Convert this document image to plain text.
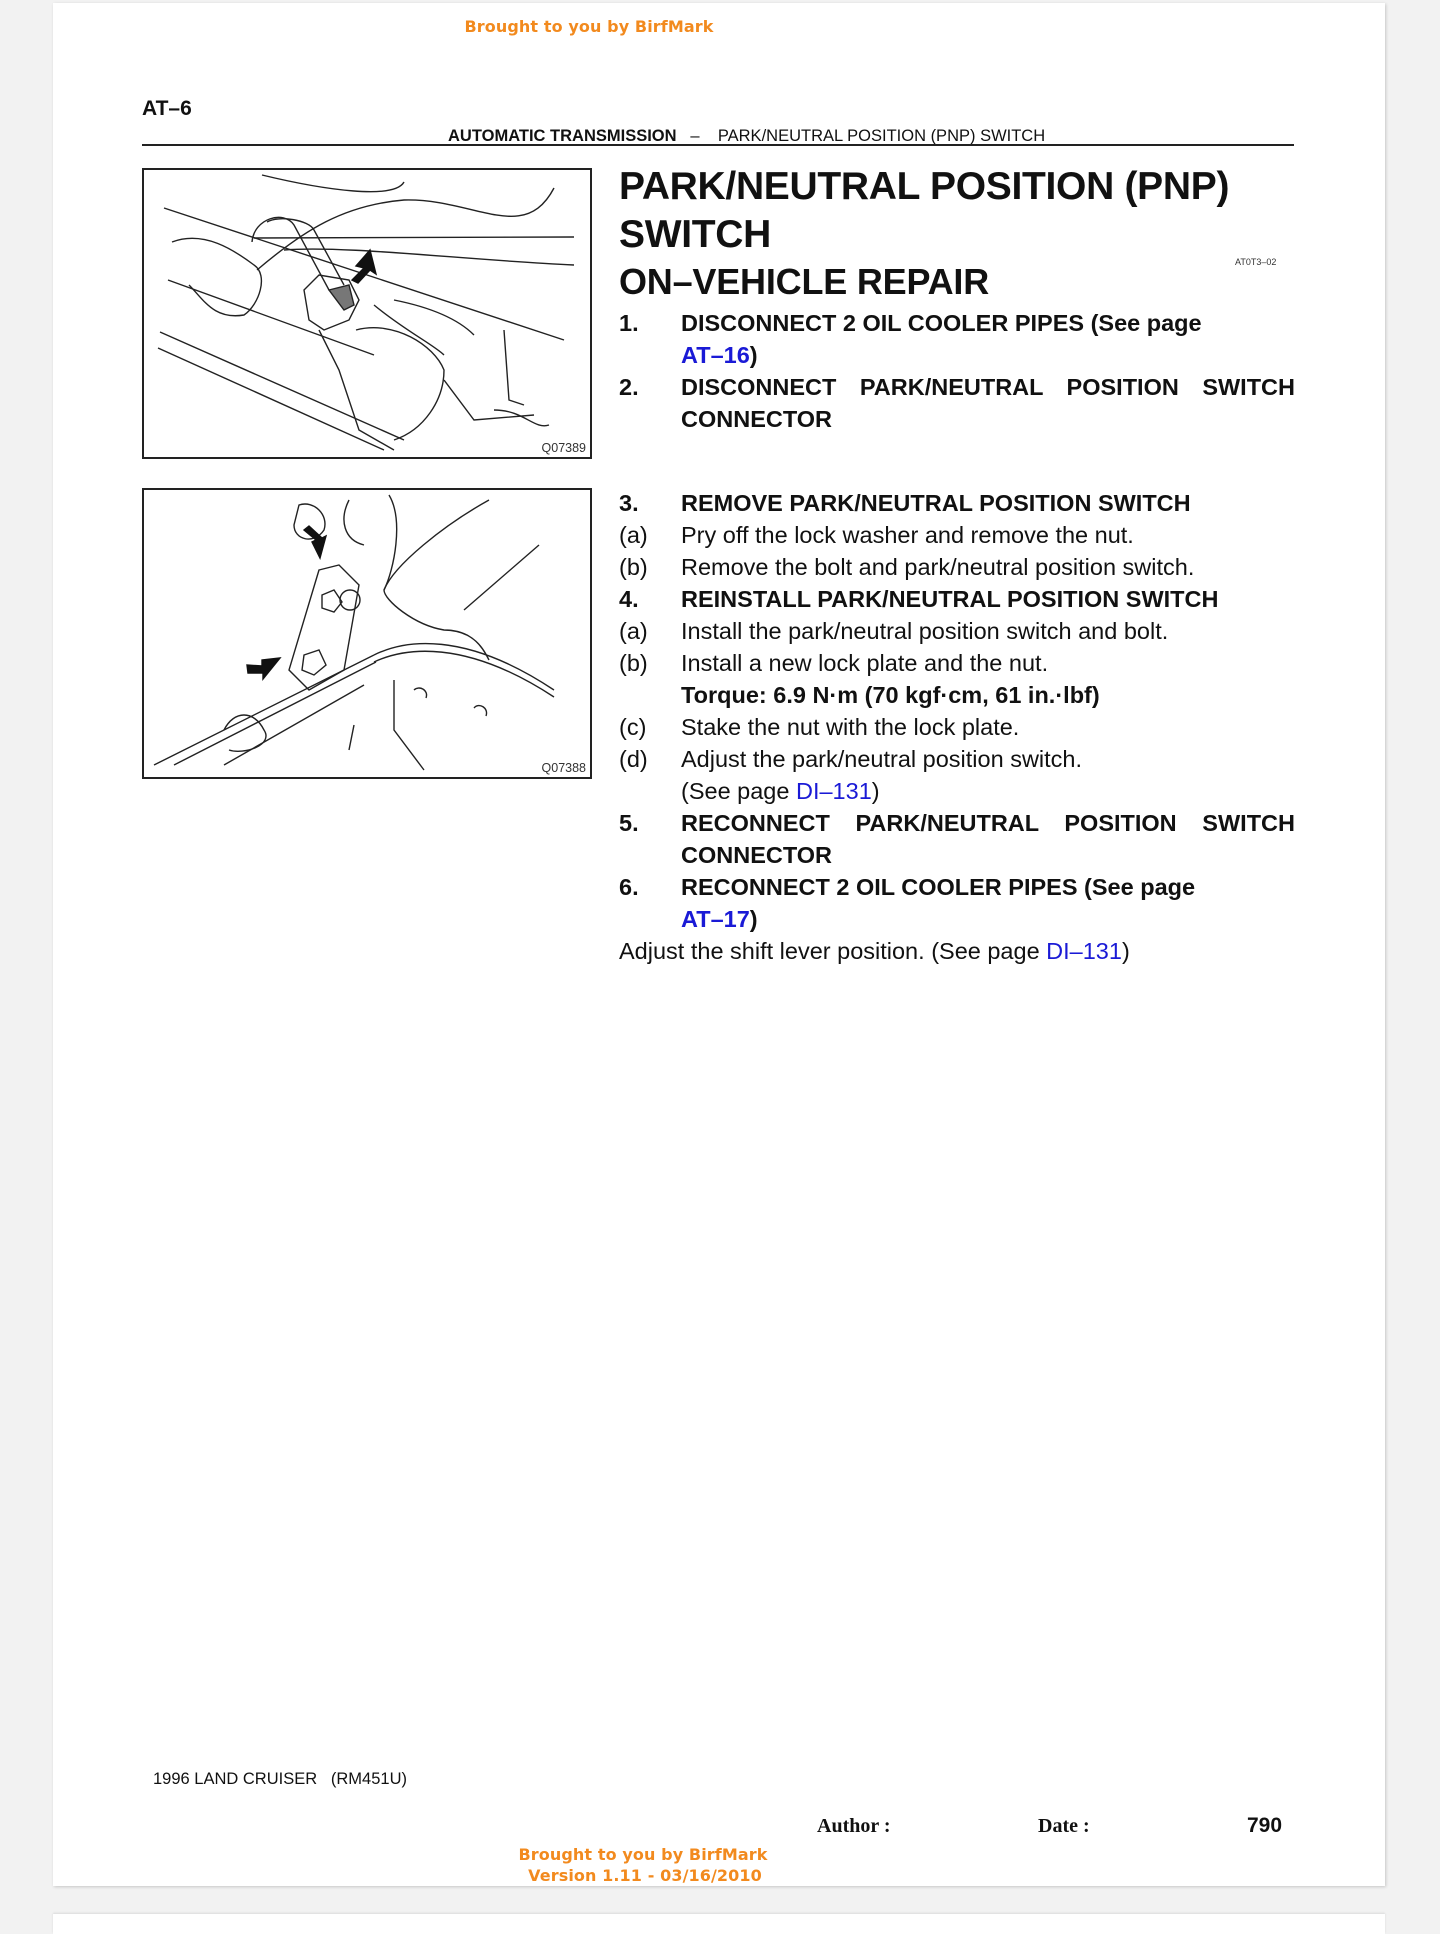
Brought to you by BirfMark
AT–6
AUTOMATIC TRANSMISSION – PARK/NEUTRAL POSITION (PNP) SWITCH
Q07389
Q07388
PARK/NEUTRAL POSITION (PNP)
SWITCH
AT0T3–02
ON–VEHICLE REPAIR
1. DISCONNECT 2 OIL COOLER PIPES (See page
AT–16)
2. DISCONNECT PARK/NEUTRAL POSITION SWITCH
CONNECTOR
3. REMOVE PARK/NEUTRAL POSITION SWITCH
(a) Pry off the lock washer and remove the nut.
(b) Remove the bolt and park/neutral position switch.
4. REINSTALL PARK/NEUTRAL POSITION SWITCH
(a) Install the park/neutral position switch and bolt.
(b) Install a new lock plate and the nut.
Torque: 6.9 N·m (70 kgf·cm, 61 in.·lbf)
(c) Stake the nut with the lock plate.
(d) Adjust the park/neutral position switch.
(See page DI–131)
5. RECONNECT PARK/NEUTRAL POSITION SWITCH
CONNECTOR
6. RECONNECT 2 OIL COOLER PIPES (See page
AT–17)
Adjust the shift lever position. (See page DI–131)
1996 LAND CRUISER   (RM451U)
Author :	Date :	790
Brought to you by BirfMark
Version 1.11 - 03/16/2010
